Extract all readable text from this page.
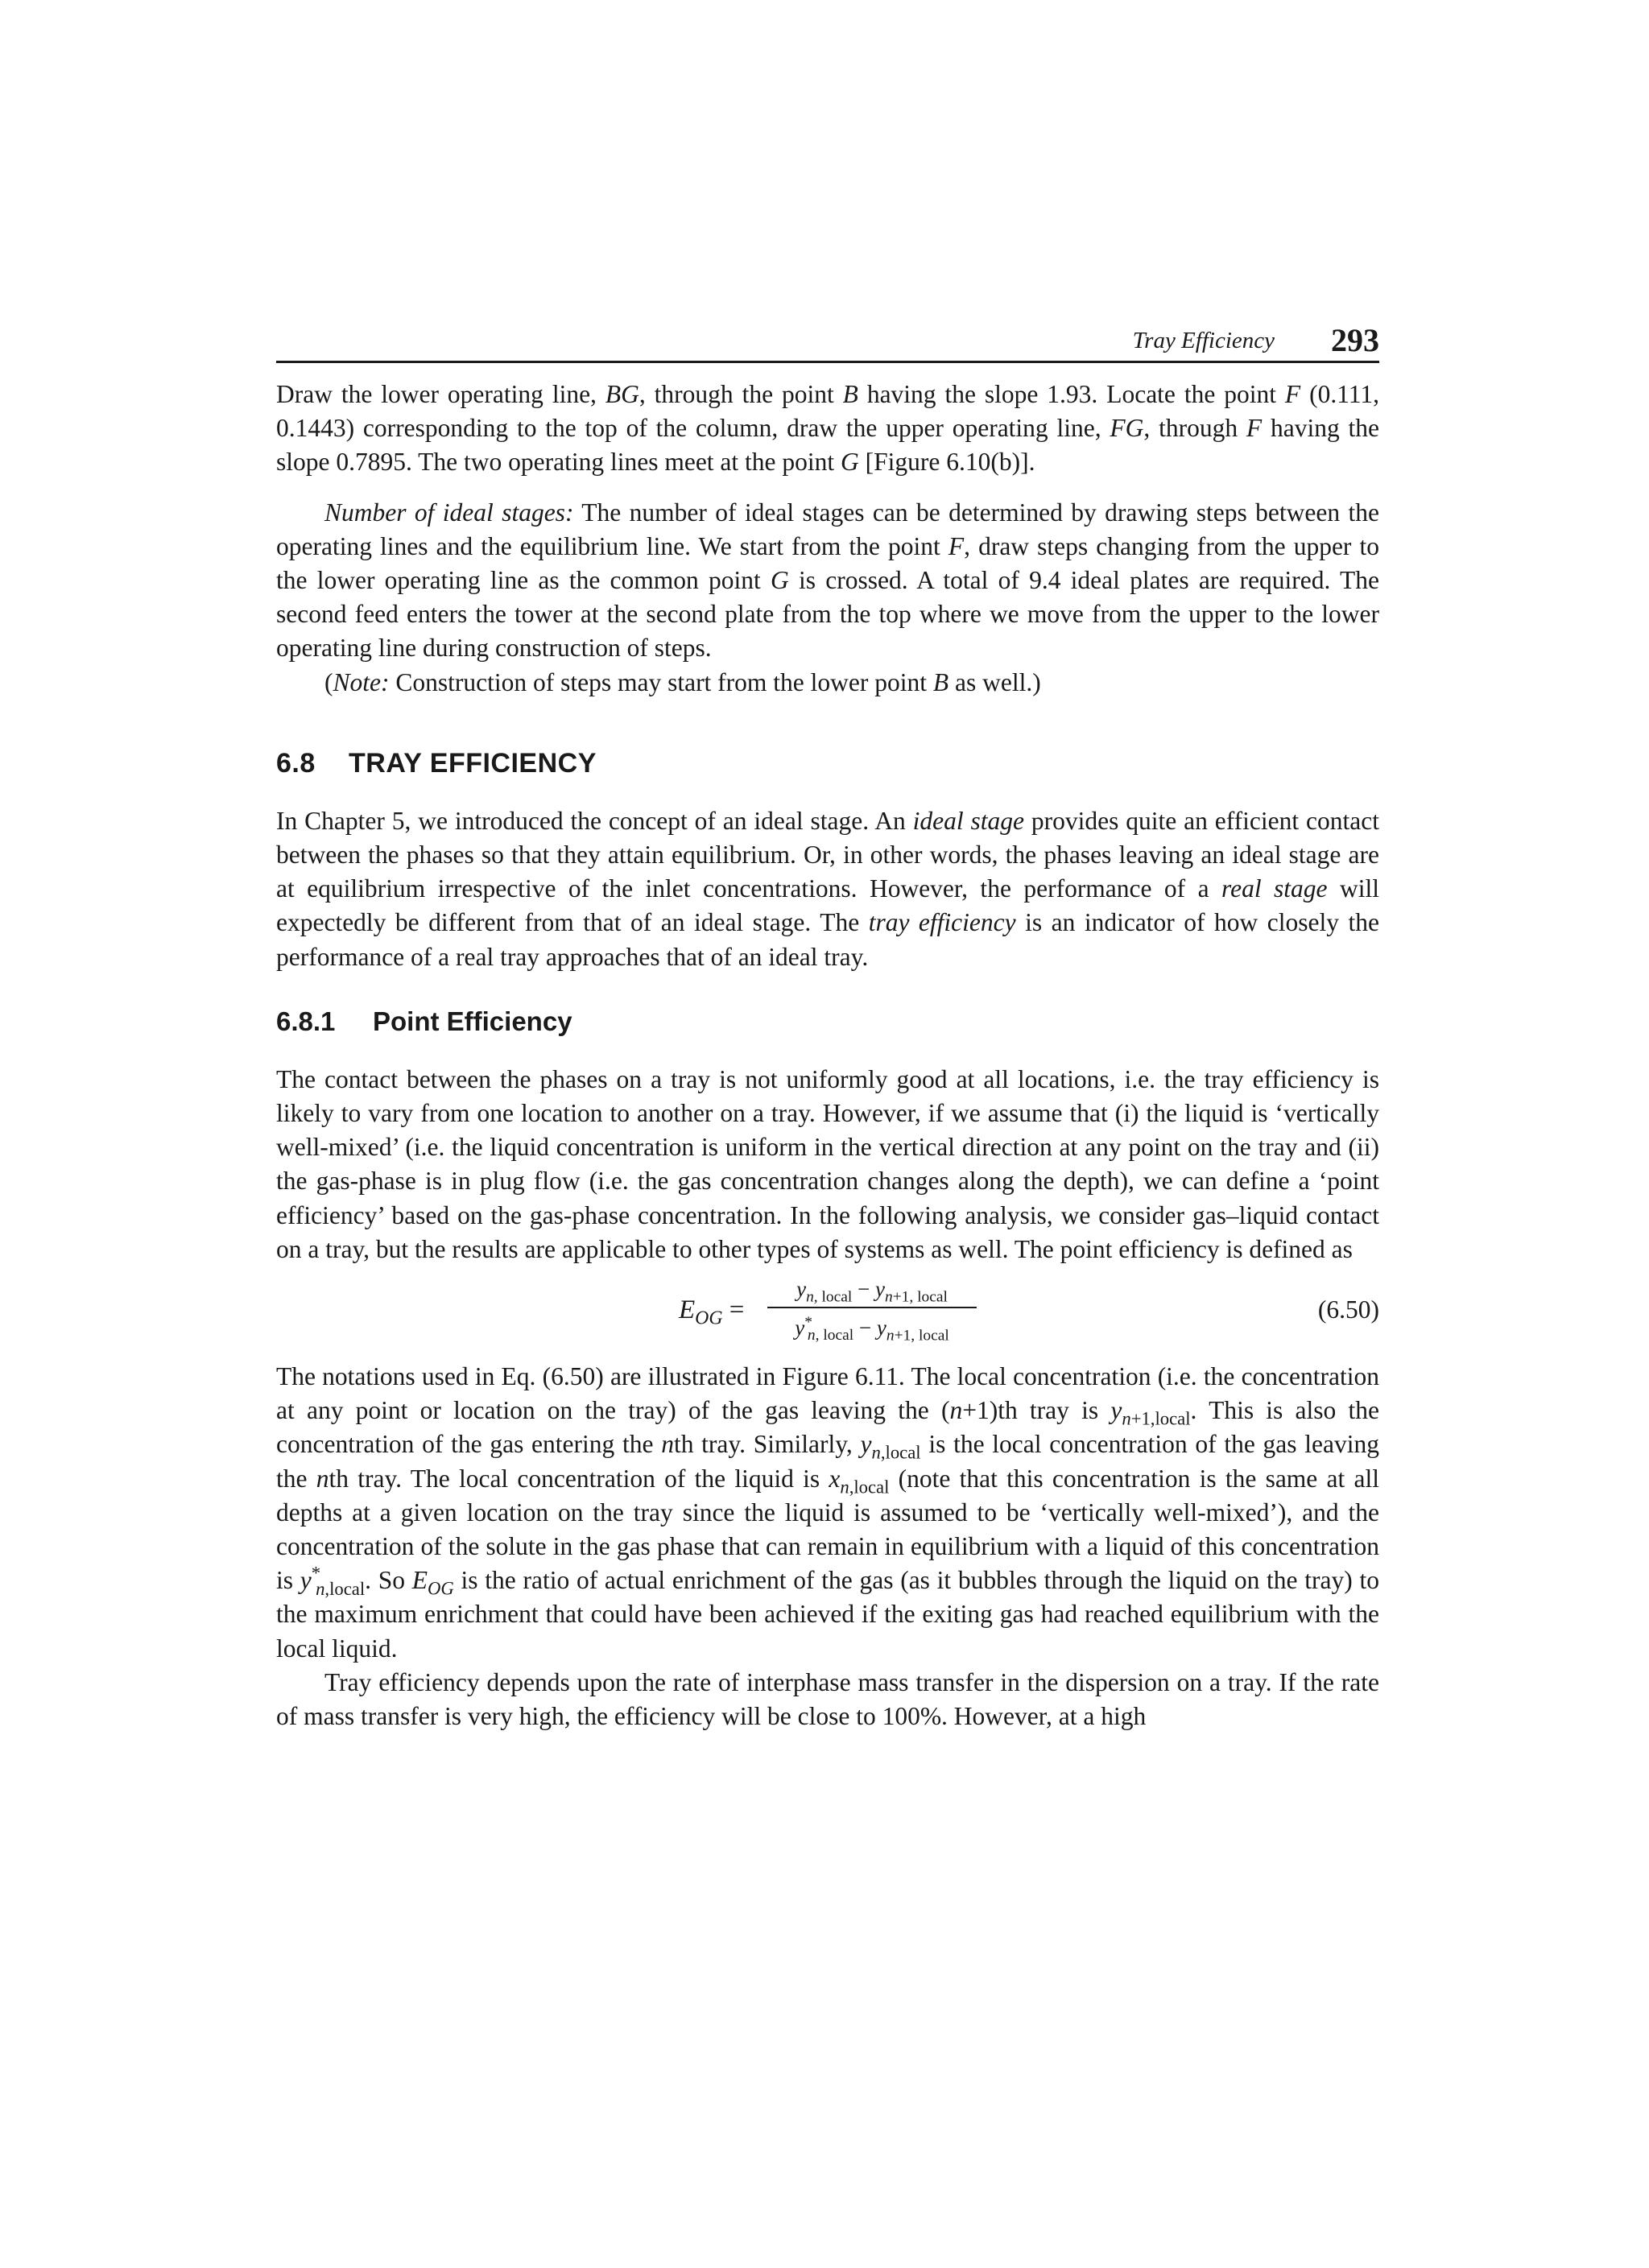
Tray Efficiency 293

Draw the lower operating line, BG, through the point B having the slope 1.93. Locate the point F (0.111, 0.1443) corresponding to the top of the column, draw the upper operating line, FG, through F having the slope 0.7895. The two operating lines meet at the point G [Figure 6.10(b)].

Number of ideal stages: The number of ideal stages can be determined by drawing steps between the operating lines and the equilibrium line. We start from the point F, draw steps changing from the upper to the lower operating line as the common point G is crossed. A total of 9.4 ideal plates are required. The second feed enters the tower at the second plate from the top where we move from the upper to the lower operating line during construction of steps.

(Note: Construction of steps may start from the lower point B as well.)

6.8 TRAY EFFICIENCY

In Chapter 5, we introduced the concept of an ideal stage. An ideal stage provides quite an efficient contact between the phases so that they attain equilibrium. Or, in other words, the phases leaving an ideal stage are at equilibrium irrespective of the inlet concentrations. However, the performance of a real stage will expectedly be different from that of an ideal stage. The tray efficiency is an indicator of how closely the performance of a real tray approaches that of an ideal tray.

6.8.1 Point Efficiency

The contact between the phases on a tray is not uniformly good at all locations, i.e. the tray efficiency is likely to vary from one location to another on a tray. However, if we assume that (i) the liquid is ‘vertically well-mixed’ (i.e. the liquid concentration is uniform in the vertical direction at any point on the tray and (ii) the gas-phase is in plug flow (i.e. the gas concentration changes along the depth), we can define a ‘point efficiency’ based on the gas-phase concentration. In the following analysis, we consider gas–liquid contact on a tray, but the results are applicable to other types of systems as well. The point efficiency is defined as

$E_{OG}$ =
$y_{n, local} - y_{n+1, local}$
$y^*_{n, local} - y_{n+1, local}$
(6.50)

The notations used in Eq. (6.50) are illustrated in Figure 6.11. The local concentration (i.e. the concentration at any point or location on the tray) of the gas leaving the (n+1)th tray is $y_{n+1,local}$. This is also the concentration of the gas entering the nth tray. Similarly, $y_{n,local}$ is the local concentration of the gas leaving the nth tray. The local concentration of the liquid is $x_{n,local}$ (note that this concentration is the same at all depths at a given location on the tray since the liquid is assumed to be ‘vertically well-mixed’), and the concentration of the solute in the gas phase that can remain in equilibrium with a liquid of this concentration is $y^*_{n,local}$. So $E_{OG}$ is the ratio of actual enrichment of the gas (as it bubbles through the liquid on the tray) to the maximum enrichment that could have been achieved if the exiting gas had reached equilibrium with the local liquid.

Tray efficiency depends upon the rate of interphase mass transfer in the dispersion on a tray. If the rate of mass transfer is very high, the efficiency will be close to 100%. However, at a high
